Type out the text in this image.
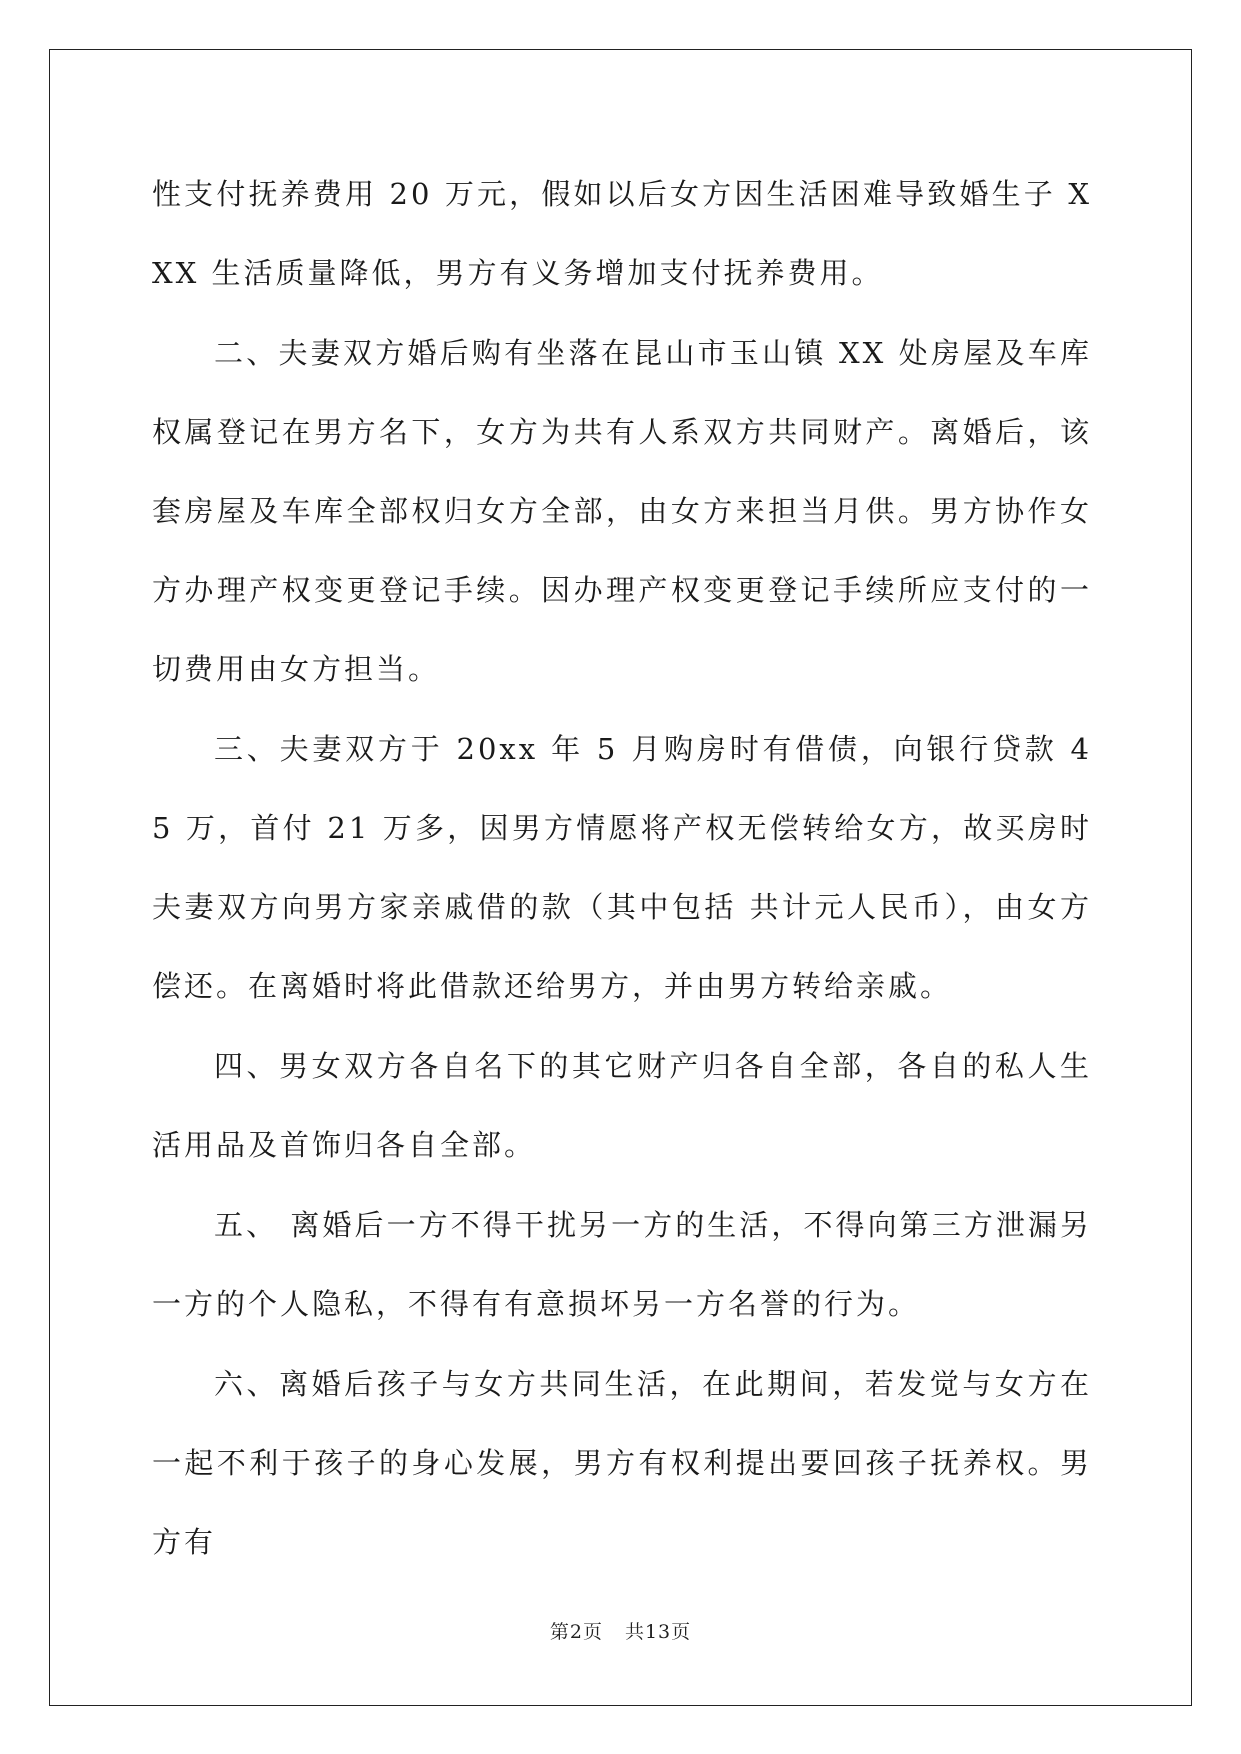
性支付抚养费用 20 万元，假如以后女方因生活困难导致婚生子 XXX 生活质量降低，男方有义务增加支付抚养费用。

二、夫妻双方婚后购有坐落在昆山市玉山镇 XX 处房屋及车库权属登记在男方名下，女方为共有人系双方共同财产。离婚后，该套房屋及车库全部权归女方全部，由女方来担当月供。男方协作女方办理产权变更登记手续。因办理产权变更登记手续所应支付的一切费用由女方担当。

三、夫妻双方于 20xx 年 5 月购房时有借债，向银行贷款 45 万，首付 21 万多，因男方情愿将产权无偿转给女方，故买房时夫妻双方向男方家亲戚借的款（其中包括 共计元人民币），由女方偿还。在离婚时将此借款还给男方，并由男方转给亲戚。

四、男女双方各自名下的其它财产归各自全部，各自的私人生活用品及首饰归各自全部。

五、 离婚后一方不得干扰另一方的生活，不得向第三方泄漏另一方的个人隐私，不得有有意损坏另一方名誉的行为。

六、离婚后孩子与女方共同生活，在此期间，若发觉与女方在一起不利于孩子的身心发展，男方有权利提出要回孩子抚养权。男方有

第2页 共13页
